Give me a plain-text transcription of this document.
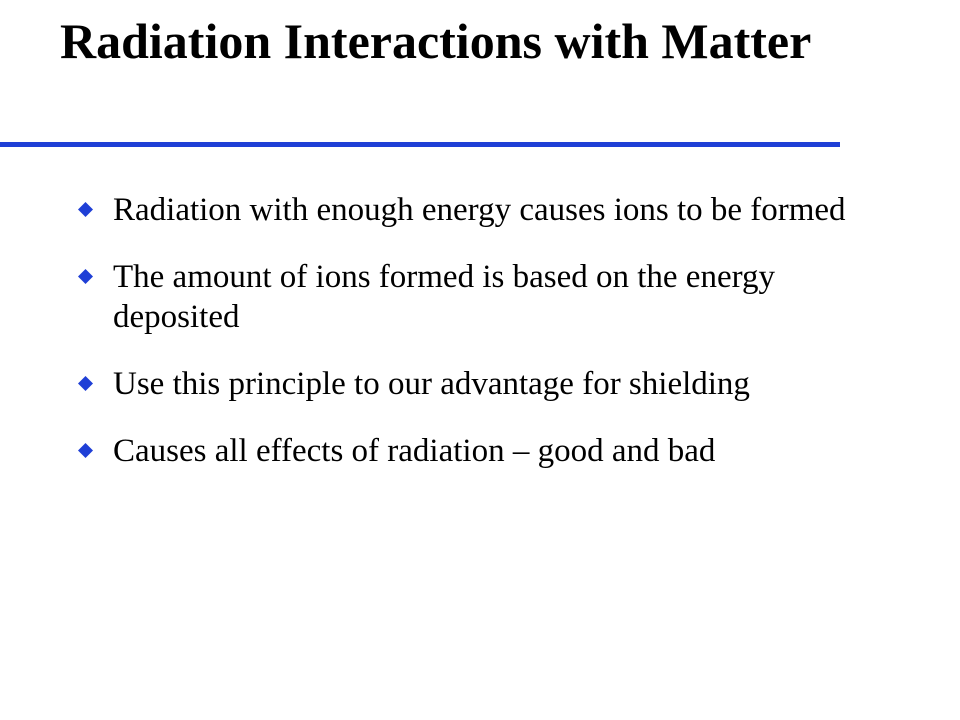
Radiation Interactions with Matter
Radiation with enough energy causes ions to be formed
The amount of ions formed is based on the energy deposited
Use this principle to our advantage for shielding
Causes all effects of radiation – good and bad
